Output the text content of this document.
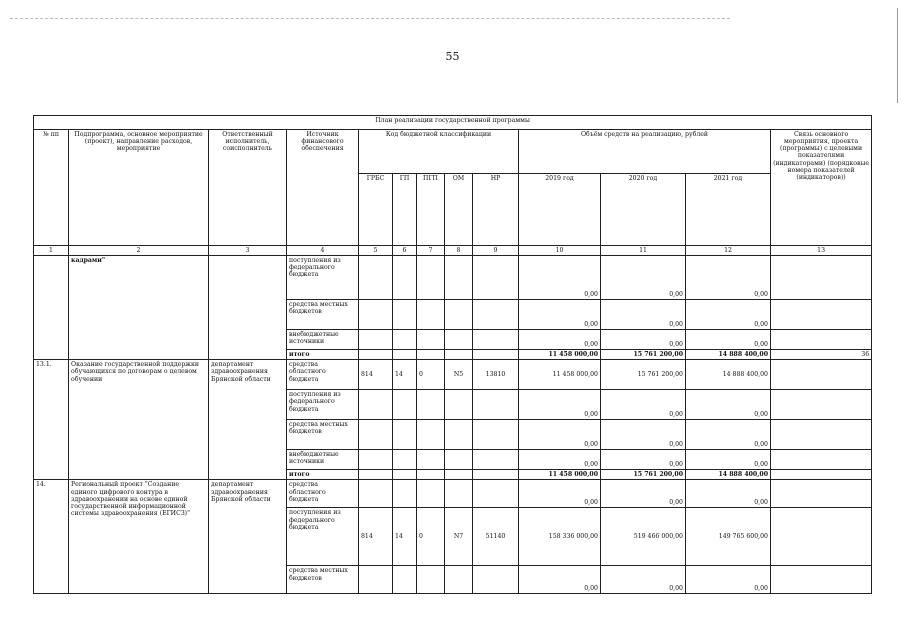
55
План реализации государственной программы												
№ пп	Подпрограмма, основное мероприятие (проект), направление расходов, мероприятие	Ответственный исполнитель, соисполнитель	Источник финансового обеспечения	Код бюджетной классификации					Объём средств на реализацию, рублей			Связь основного мероприятия, проекта (программы) с целевыми показателями (индикаторами) (порядковые номера показателей (индикаторов))
				ГРБС	ГП	ПГП	ОМ	НР	2019 год	2020 год	2021 год	
1	2	3	4	5	6	7	8	9	10	11	12	13
	кадрами"		поступления из федерального бюджета						0,00	0,00	0,00	
			средства местных бюджетов						0,00	0,00	0,00	
			внебюджетные источники						0,00	0,00	0,00	
			итого						11 458 000,00	15 761 200,00	14 888 400,00	36
13.1.	Оказание государственной поддержки обучающихся по договорам о целевом обучении	департамент здравоохранения Брянской области	средства областного бюджета	814	14	0	N5	13810	11 458 000,00	15 761 200,00	14 888 400,00	
			поступления из федерального бюджета						0,00	0,00	0,00	
			средства местных бюджетов						0,00	0,00	0,00	
			внебюджетные источники						0,00	0,00	0,00	
			итого						11 458 000,00	15 761 200,00	14 888 400,00	
14.	Региональный проект "Создание единого цифрового контура в здравоохранении на основе единой государственной информационной системы здравоохранения (ЕГИСЗ)"	департамент здравоохранения Брянской области	средства областного бюджета						0,00	0,00	0,00	
			поступления из федерального бюджета	814	14	0	N7	51140	158 336 000,00	519 466 000,00	149 765 600,00	
			средства местных бюджетов						0,00	0,00	0,00	
